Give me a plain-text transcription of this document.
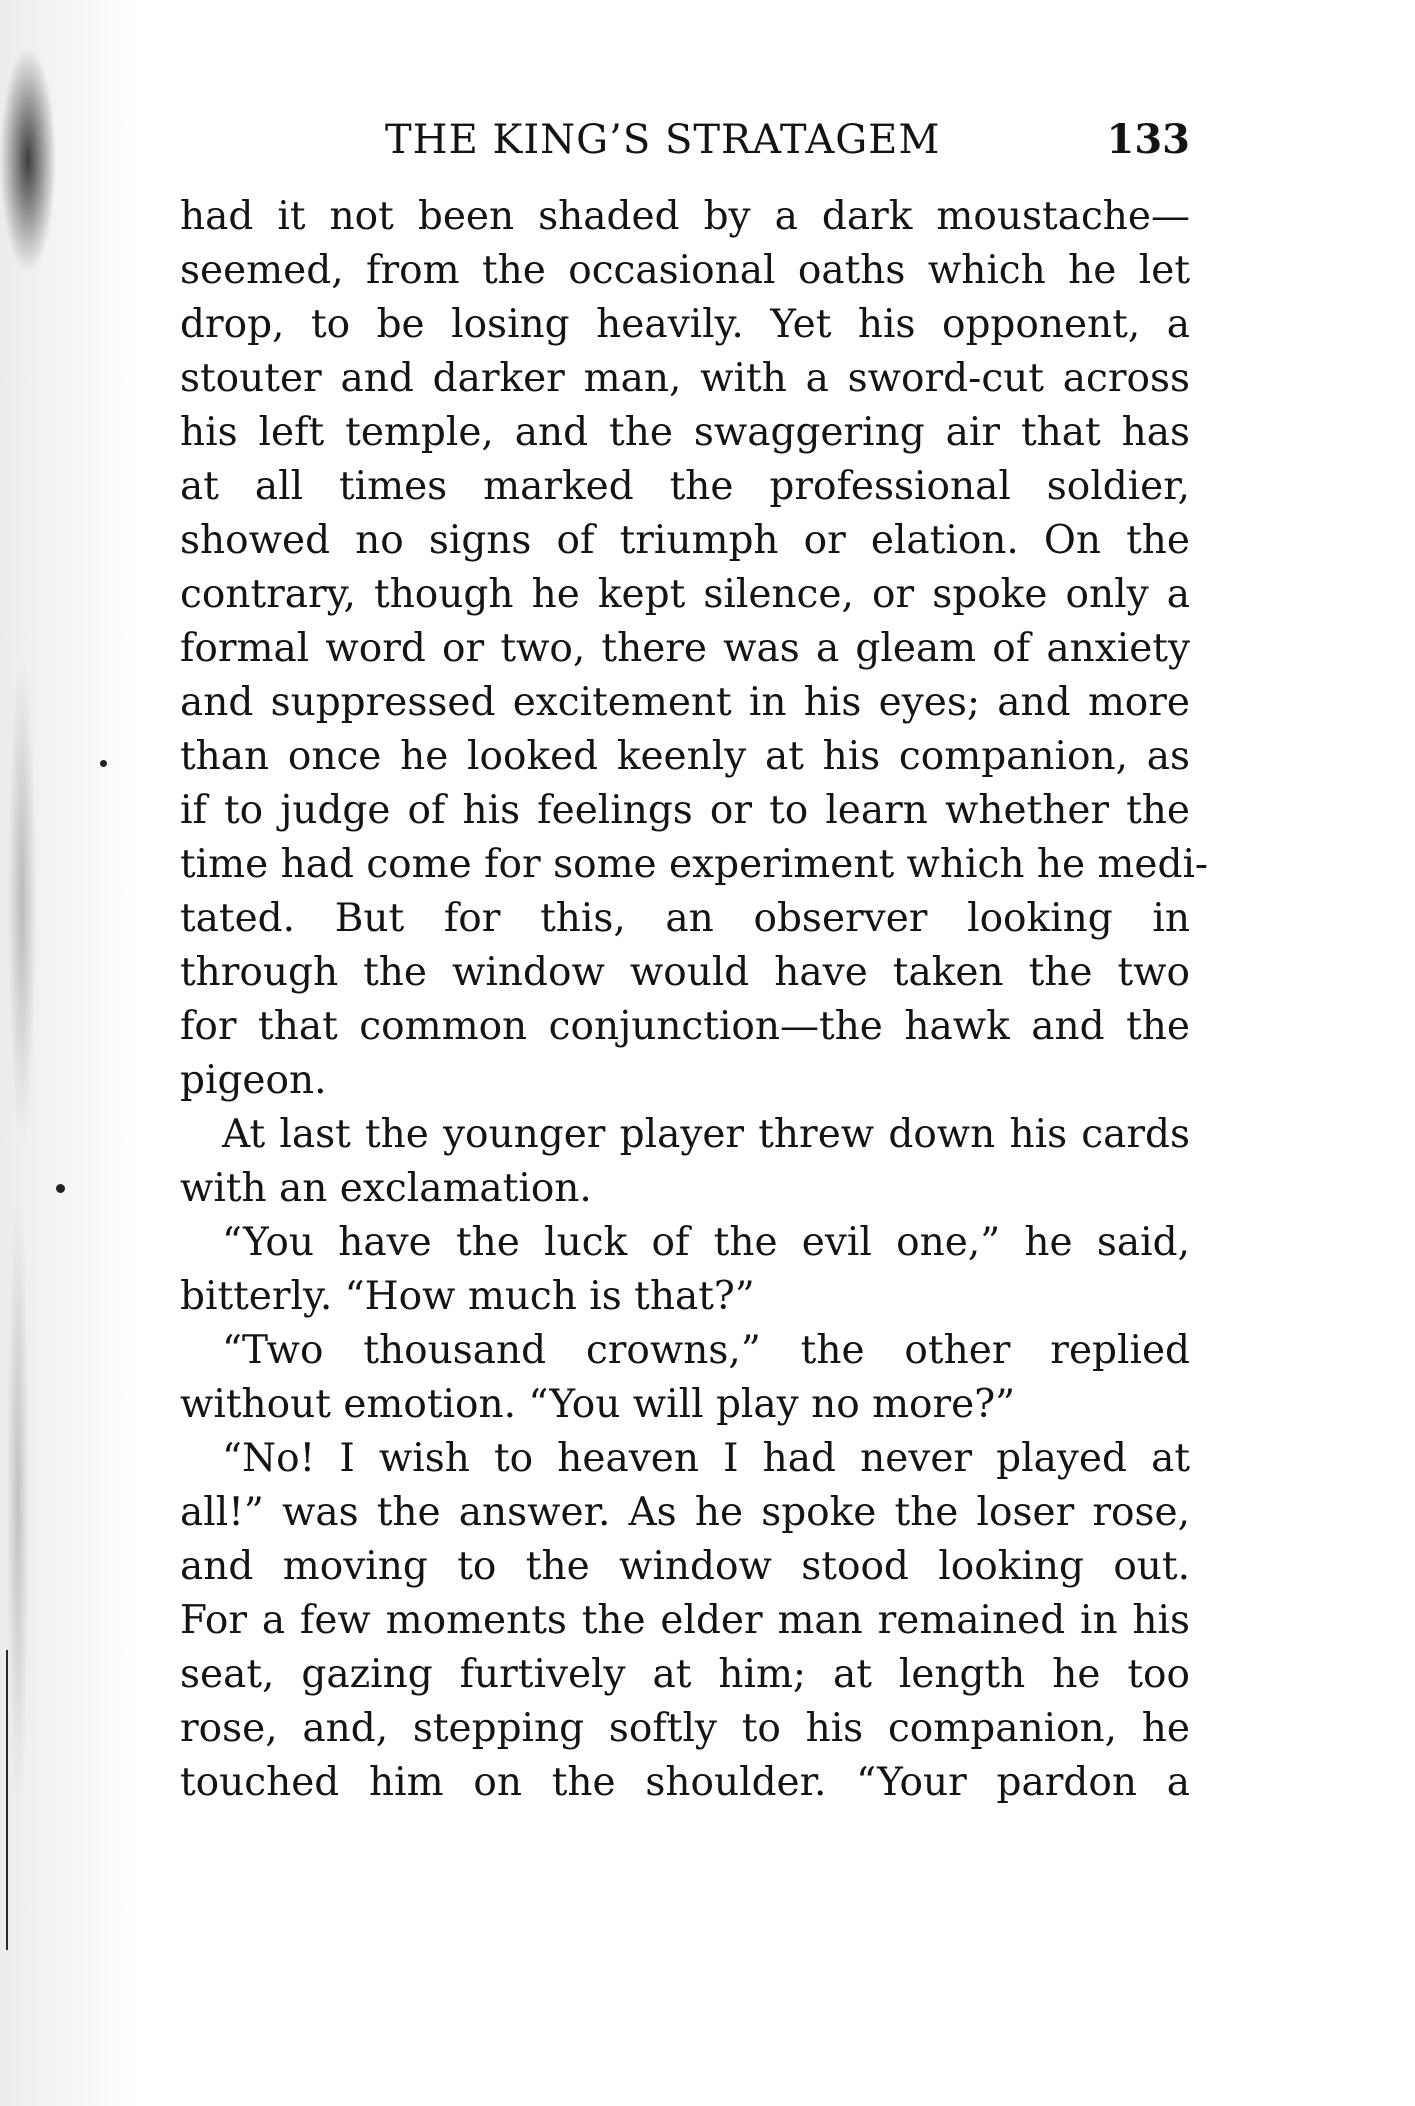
THE KING’S STRATAGEM	133
had it not been shaded by a dark moustache—
seemed, from the occasional oaths which he let
drop, to be losing heavily. Yet his opponent, a
stouter and darker man, with a sword-cut across
his left temple, and the swaggering air that has
at all times marked the professional soldier,
showed no signs of triumph or elation. On the
contrary, though he kept silence, or spoke only a
formal word or two, there was a gleam of anxiety
and suppressed excitement in his eyes; and more
than once he looked keenly at his companion, as
if to judge of his feelings or to learn whether the
time had come for some experiment which he medi-
tated. But for this, an observer looking in
through the window would have taken the two
for that common conjunction—the hawk and the
pigeon.
At last the younger player threw down his cards
with an exclamation.
“You have the luck of the evil one,” he said,
bitterly. “How much is that?”
“Two thousand crowns,” the other replied
without emotion. “You will play no more?”
“No! I wish to heaven I had never played at
all!” was the answer. As he spoke the loser rose,
and moving to the window stood looking out.
For a few moments the elder man remained in his
seat, gazing furtively at him; at length he too
rose, and, stepping softly to his companion, he
touched him on the shoulder. “Your pardon a
